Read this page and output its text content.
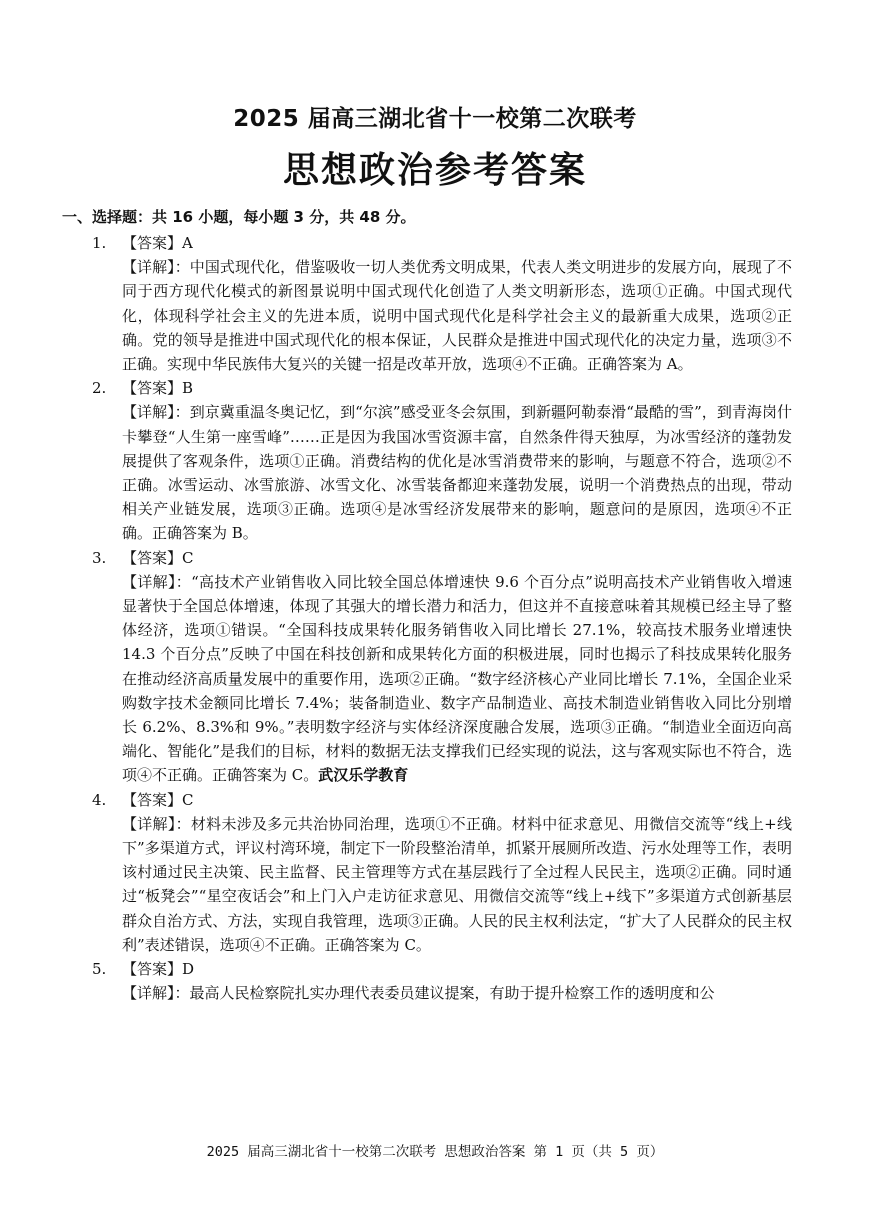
2025 届高三湖北省十一校第二次联考
思想政治参考答案
一、选择题：共 16 小题，每小题 3 分，共 48 分。
1.	【答案】A
【详解】：中国式现代化，借鉴吸收一切人类优秀文明成果，代表人类文明进步的发展方向，展现了不同于西方现代化模式的新图景说明中国式现代化创造了人类文明新形态，选项①正确。中国式现代化，体现科学社会主义的先进本质，说明中国式现代化是科学社会主义的最新重大成果，选项②正确。党的领导是推进中国式现代化的根本保证，人民群众是推进中国式现代化的决定力量，选项③不正确。实现中华民族伟大复兴的关键一招是改革开放，选项④不正确。正确答案为 A。
2.	【答案】B
【详解】：到京冀重温冬奥记忆，到“尔滨”感受亚冬会氛围，到新疆阿勒泰滑“最酷的雪”，到青海岗什卡攀登“人生第一座雪峰”……正是因为我国冰雪资源丰富，自然条件得天独厚，为冰雪经济的蓬勃发展提供了客观条件，选项①正确。消费结构的优化是冰雪消费带来的影响，与题意不符合，选项②不正确。冰雪运动、冰雪旅游、冰雪文化、冰雪装备都迎来蓬勃发展，说明一个消费热点的出现，带动相关产业链发展，选项③正确。选项④是冰雪经济发展带来的影响，题意问的是原因，选项④不正确。正确答案为 B。
3.	【答案】C
【详解】：“高技术产业销售收入同比较全国总体增速快 9.6 个百分点”说明高技术产业销售收入增速显著快于全国总体增速，体现了其强大的增长潜力和活力，但这并不直接意味着其规模已经主导了整体经济，选项①错误。“全国科技成果转化服务销售收入同比增长 27.1%，较高技术服务业增速快 14.3 个百分点”反映了中国在科技创新和成果转化方面的积极进展，同时也揭示了科技成果转化服务在推动经济高质量发展中的重要作用，选项②正确。“数字经济核心产业同比增长 7.1%，全国企业采购数字技术金额同比增长 7.4%；装备制造业、数字产品制造业、高技术制造业销售收入同比分别增长 6.2%、8.3%和 9%。”表明数字经济与实体经济深度融合发展，选项③正确。“制造业全面迈向高端化、智能化”是我们的目标，材料的数据无法支撑我们已经实现的说法，这与客观实际也不符合，选项④不正确。正确答案为 C。武汉乐学教育
4.	【答案】C
【详解】：材料未涉及多元共治协同治理，选项①不正确。材料中征求意见、用微信交流等“线上+线下”多渠道方式，评议村湾环境，制定下一阶段整治清单，抓紧开展厕所改造、污水处理等工作，表明该村通过民主决策、民主监督、民主管理等方式在基层践行了全过程人民民主，选项②正确。同时通过“板凳会”“星空夜话会”和上门入户走访征求意见、用微信交流等“线上+线下”多渠道方式创新基层群众自治方式、方法，实现自我管理，选项③正确。人民的民主权利法定，“扩大了人民群众的民主权利”表述错误，选项④不正确。正确答案为 C。
5.	【答案】D
【详解】：最高人民检察院扎实办理代表委员建议提案，有助于提升检察工作的透明度和公
2025 届高三湖北省十一校第二次联考 思想政治答案 第 1 页（共 5 页）
